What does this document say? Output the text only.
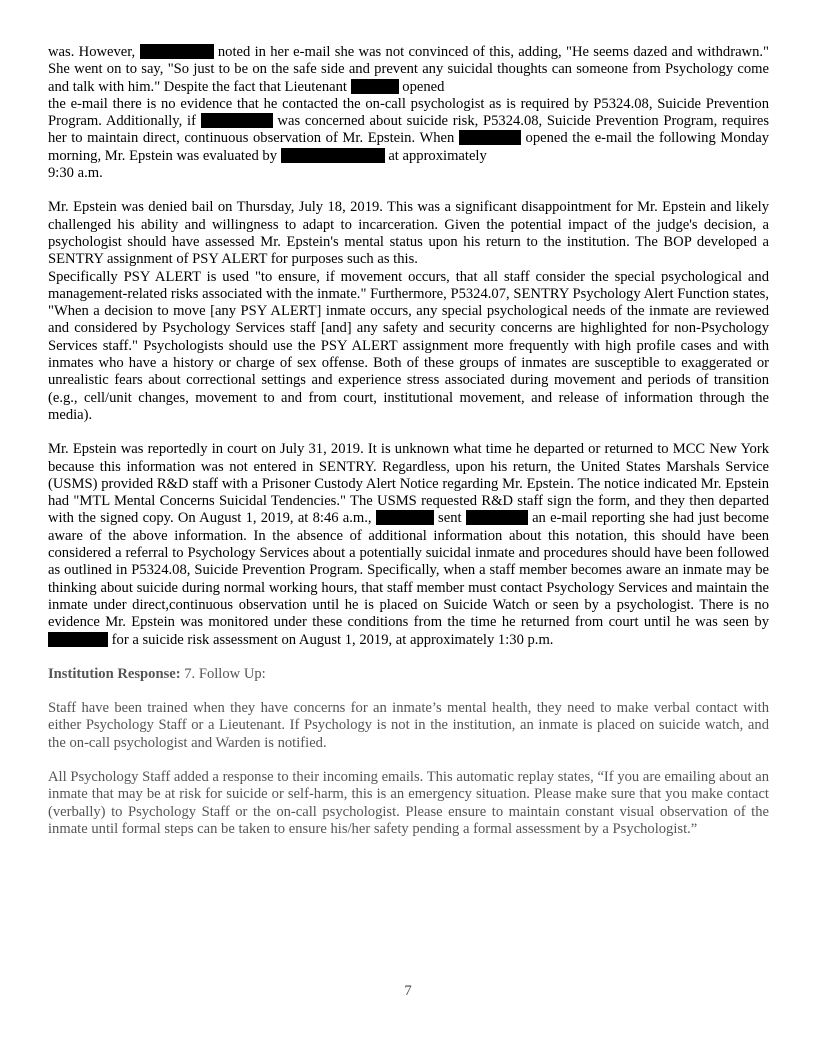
was. However,	noted in her e-mail she was not convinced of this, adding, "He seems dazed and withdrawn." She went on to say, "So just to be on the safe side and prevent any suicidal thoughts can someone from Psychology come and talk with him." Despite the fact that Lieutenant	opened
the e-mail there is no evidence that he contacted the on-call psychologist as is required by P5324.08, Suicide Prevention Program. Additionally, if	was concerned about suicide risk, P5324.08, Suicide Prevention Program, requires her to maintain direct, continuous observation of Mr. Epstein. When	opened the e-mail the following Monday morning, Mr. Epstein was evaluated by	at approximately
9:30 a.m.

Mr. Epstein was denied bail on Thursday, July 18, 2019. This was a significant disappointment for Mr. Epstein and likely challenged his ability and willingness to adapt to incarceration. Given the potential impact of the judge's decision, a psychologist should have assessed Mr. Epstein's mental status upon his return to the institution. The BOP developed a SENTRY assignment of PSY ALERT for purposes such as this.

Specifically PSY ALERT is used "to ensure, if movement occurs, that all staff consider the special psychological and management-related risks associated with the inmate." Furthermore, P5324.07, SENTRY Psychology Alert Function states, "When a decision to move [any PSY ALERT] inmate occurs, any special psychological needs of the inmate are reviewed and considered by Psychology Services staff [and] any safety and security concerns are highlighted for non-Psychology Services staff." Psychologists should use the PSY ALERT assignment more frequently with high profile cases and with inmates who have a history or charge of sex offense. Both of these groups of inmates are susceptible to exaggerated or unrealistic fears about correctional settings and experience stress associated during movement and periods of transition (e.g., cell/unit changes, movement to and from court, institutional movement, and release of information through the media).

Mr. Epstein was reportedly in court on July 31, 2019. It is unknown what time he departed or returned to MCC New York because this information was not entered in SENTRY. Regardless, upon his return, the United States Marshals Service (USMS) provided R&D staff with a Prisoner Custody Alert Notice regarding Mr. Epstein. The notice indicated Mr. Epstein had "MTL Mental Concerns Suicidal Tendencies." The USMS requested R&D staff sign the form, and they then departed with the signed copy. On August 1, 2019, at 8:46 a.m.,	sent	an e-mail reporting she had just become aware of the above information. In the absence of additional information about this notation, this should have been considered a referral to Psychology Services about a potentially suicidal inmate and procedures should have been followed as outlined in P5324.08, Suicide Prevention Program. Specifically, when a staff member becomes aware an inmate may be thinking about suicide during normal working hours, that staff member must contact Psychology Services and maintain the inmate under direct,continuous observation until he is placed on Suicide Watch or seen by a psychologist. There is no evidence Mr. Epstein was monitored under these conditions from the time he returned from court until he was seen by  for a suicide risk assessment on August 1, 2019, at approximately 1:30 p.m.

Institution Response: 7. Follow Up:

Staff have been trained when they have concerns for an inmate’s mental health, they need to make verbal contact with either Psychology Staff or a Lieutenant. If Psychology is not in the institution, an inmate is placed on suicide watch, and the on-call psychologist and Warden is notified.

All Psychology Staff added a response to their incoming emails. This automatic replay states, “If you are emailing about an inmate that may be at risk for suicide or self-harm, this is an emergency situation. Please make sure that you make contact (verbally) to Psychology Staff or the on-call psychologist. Please ensure to maintain constant visual observation of the inmate until formal steps can be taken to ensure his/her safety pending a formal assessment by a Psychologist.”

7
